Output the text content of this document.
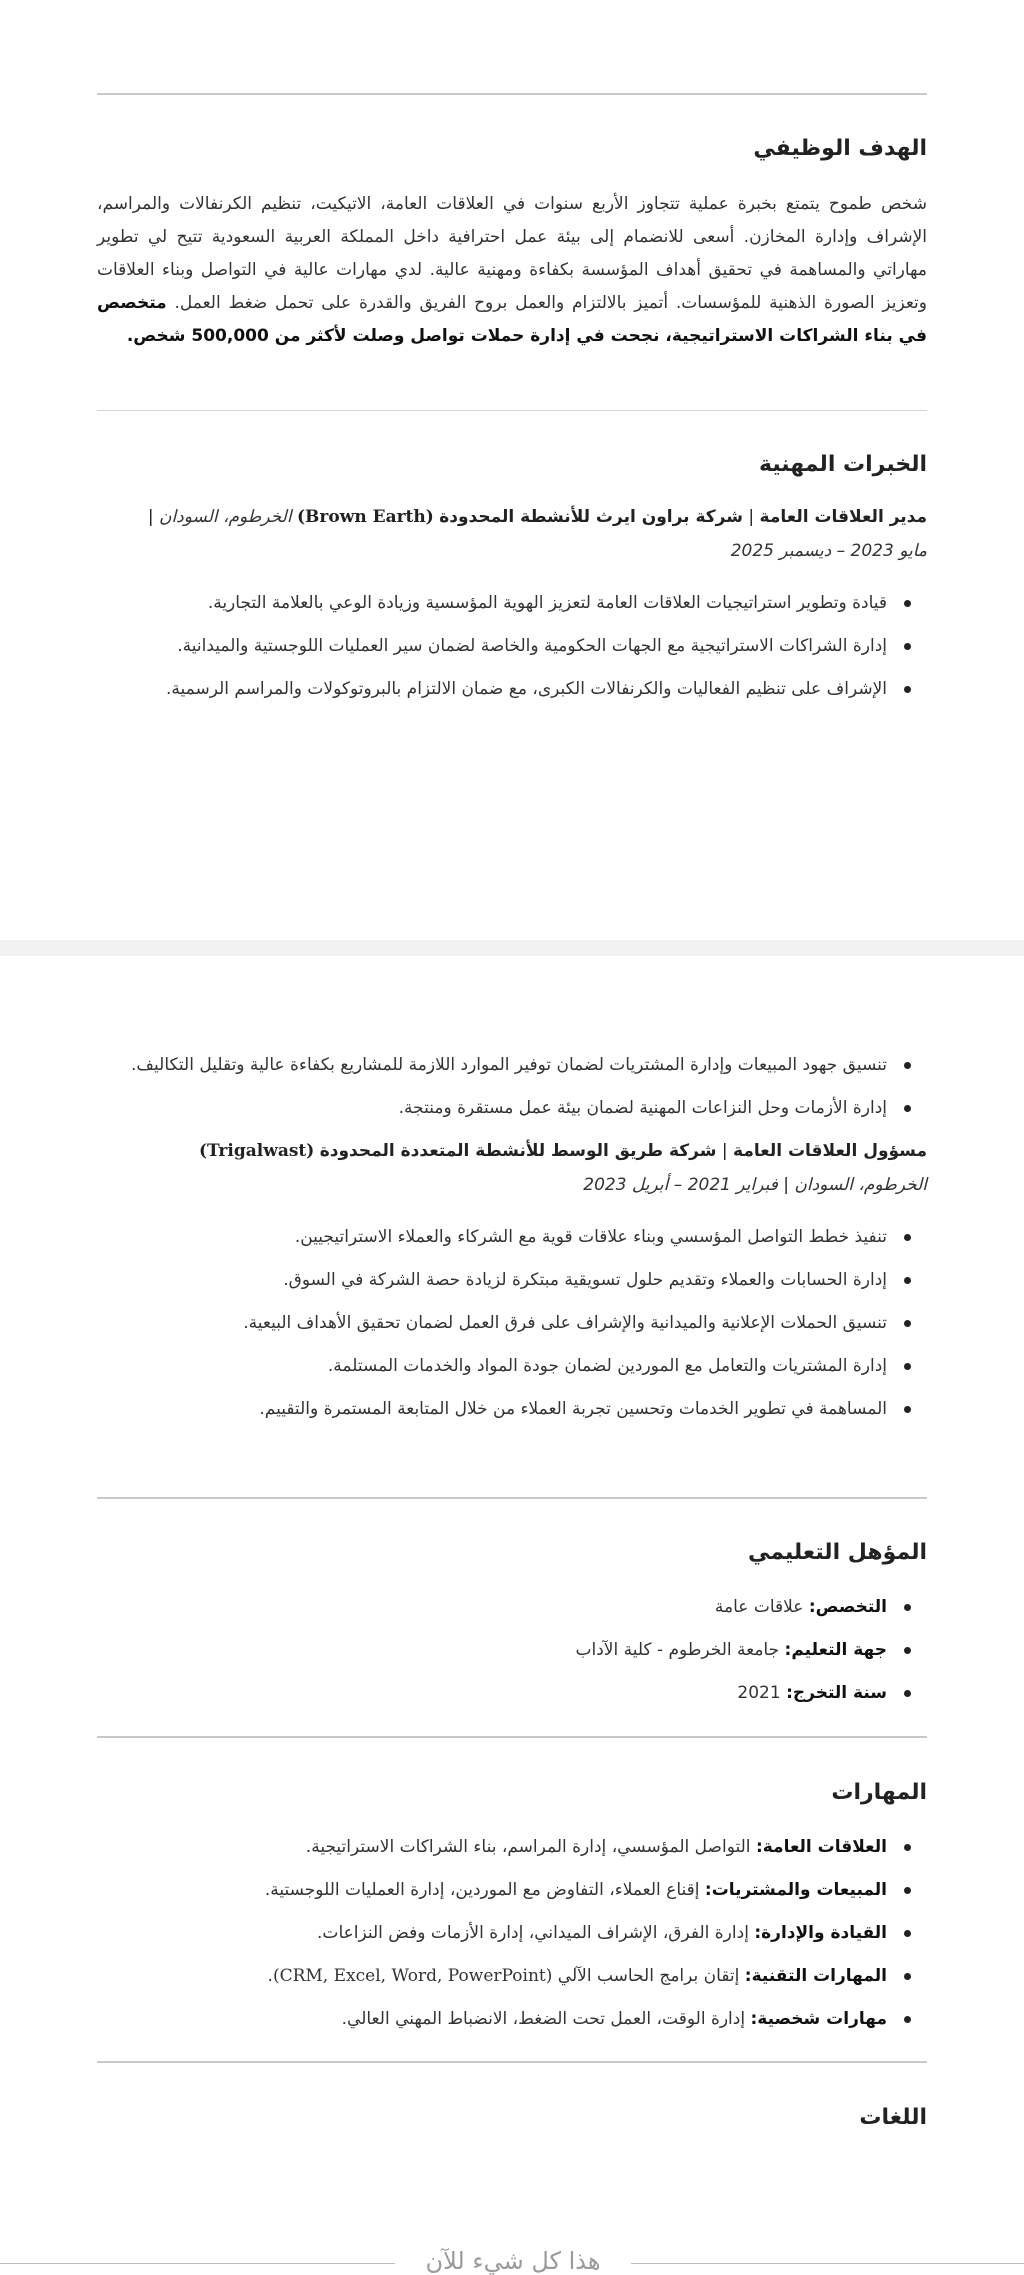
الهدف الوظيفي

شخص طموح يتمتع بخبرة عملية تتجاوز الأربع سنوات في العلاقات العامة، الاتيكيت، تنظيم الكرنفالات والمراسم، الإشراف وإدارة المخازن. أسعى للانضمام إلى بيئة عمل احترافية داخل المملكة العربية السعودية تتيح لي تطوير مهاراتي والمساهمة في تحقيق أهداف المؤسسة بكفاءة ومهنية عالية. لدي مهارات عالية في التواصل وبناء العلاقات وتعزيز الصورة الذهنية للمؤسسات. أتميز بالالتزام والعمل بروح الفريق والقدرة على تحمل ضغط العمل. متخصص في بناء الشراكات الاستراتيجية، نجحت في إدارة حملات تواصل وصلت لأكثر من 500,000 شخص.

الخبرات المهنية
مدير العلاقات العامة | شركة براون ايرث للأنشطة المحدودة (Brown Earth) الخرطوم، السودان |
مايو 2023 – ديسمبر 2025
قيادة وتطوير استراتيجيات العلاقات العامة لتعزيز الهوية المؤسسية وزيادة الوعي بالعلامة التجارية.
إدارة الشراكات الاستراتيجية مع الجهات الحكومية والخاصة لضمان سير العمليات اللوجستية والميدانية.
الإشراف على تنظيم الفعاليات والكرنفالات الكبرى، مع ضمان الالتزام بالبروتوكولات والمراسم الرسمية.
تنسيق جهود المبيعات وإدارة المشتريات لضمان توفير الموارد اللازمة للمشاريع بكفاءة عالية وتقليل التكاليف.
إدارة الأزمات وحل النزاعات المهنية لضمان بيئة عمل مستقرة ومنتجة.
مسؤول العلاقات العامة | شركة طريق الوسط للأنشطة المتعددة المحدودة (Trigalwast)
الخرطوم، السودان | فبراير 2021 – أبريل 2023
تنفيذ خطط التواصل المؤسسي وبناء علاقات قوية مع الشركاء والعملاء الاستراتيجيين.
إدارة الحسابات والعملاء وتقديم حلول تسويقية مبتكرة لزيادة حصة الشركة في السوق.
تنسيق الحملات الإعلانية والميدانية والإشراف على فرق العمل لضمان تحقيق الأهداف البيعية.
إدارة المشتريات والتعامل مع الموردين لضمان جودة المواد والخدمات المستلمة.
المساهمة في تطوير الخدمات وتحسين تجربة العملاء من خلال المتابعة المستمرة والتقييم.
المؤهل التعليمي
التخصص: علاقات عامة
جهة التعليم: جامعة الخرطوم - كلية الآداب
سنة التخرج: 2021
المهارات
العلاقات العامة: التواصل المؤسسي، إدارة المراسم، بناء الشراكات الاستراتيجية.
المبيعات والمشتريات: إقناع العملاء، التفاوض مع الموردين، إدارة العمليات اللوجستية.
القيادة والإدارة: إدارة الفرق، الإشراف الميداني، إدارة الأزمات وفض النزاعات.
المهارات التقنية: إتقان برامج الحاسب الآلي (CRM, Excel, Word, PowerPoint).
مهارات شخصية: إدارة الوقت، العمل تحت الضغط، الانضباط المهني العالي.
اللغات
هذا كل شيء للآن
